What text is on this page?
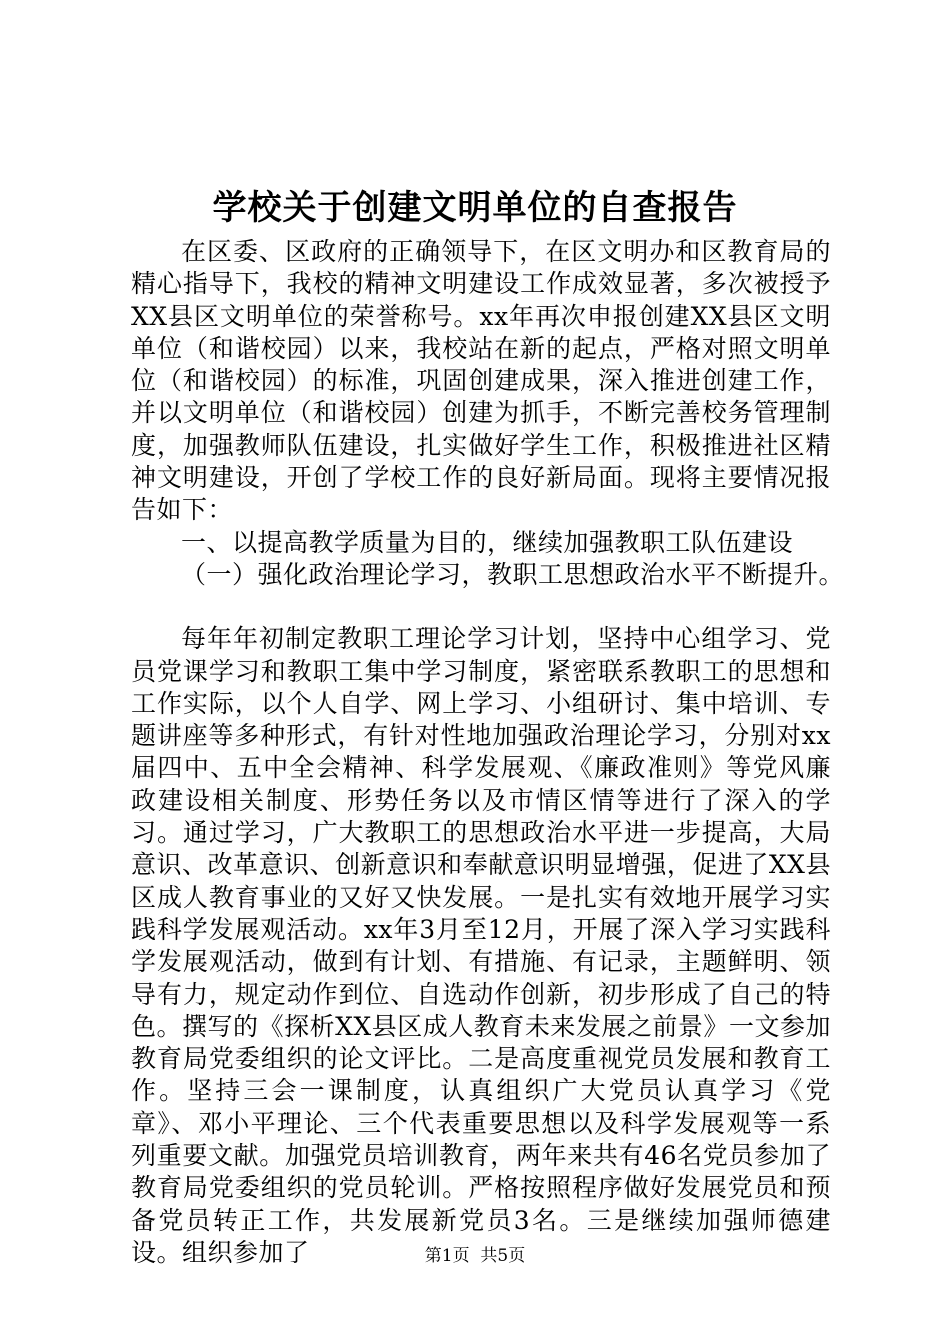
学校关于创建文明单位的自查报告

在区委、区政府的正确领导下，在区文明办和区教育局的精心指导下，我校的精神文明建设工作成效显著，多次被授予XX县区文明单位的荣誉称号。xx年再次申报创建XX县区文明单位（和谐校园）以来，我校站在新的起点，严格对照文明单位（和谐校园）的标准，巩固创建成果，深入推进创建工作，并以文明单位（和谐校园）创建为抓手，不断完善校务管理制度，加强教师队伍建设，扎实做好学生工作，积极推进社区精神文明建设，开创了学校工作的良好新局面。现将主要情况报告如下：

一、以提高教学质量为目的，继续加强教职工队伍建设

（一）强化政治理论学习，教职工思想政治水平不断提升。

每年年初制定教职工理论学习计划，坚持中心组学习、党员党课学习和教职工集中学习制度，紧密联系教职工的思想和工作实际，以个人自学、网上学习、小组研讨、集中培训、专题讲座等多种形式，有针对性地加强政治理论学习，分别对xx届四中、五中全会精神、科学发展观、《廉政准则》等党风廉政建设相关制度、形势任务以及市情区情等进行了深入的学习。通过学习，广大教职工的思想政治水平进一步提高，大局意识、改革意识、创新意识和奉献意识明显增强，促进了XX县区成人教育事业的又好又快发展。一是扎实有效地开展学习实践科学发展观活动。xx年3月至12月，开展了深入学习实践科学发展观活动，做到有计划、有措施、有记录，主题鲜明、领导有力，规定动作到位、自选动作创新，初步形成了自己的特色。撰写的《探析XX县区成人教育未来发展之前景》一文参加教育局党委组织的论文评比。二是高度重视党员发展和教育工作。坚持三会一课制度，认真组织广大党员认真学习《党章》、邓小平理论、三个代表重要思想以及科学发展观等一系列重要文献。加强党员培训教育，两年来共有46名党员参加了教育局党委组织的党员轮训。严格按照程序做好发展党员和预备党员转正工作，共发展新党员3名。三是继续加强师德建设。组织参加了	第1页 共5页
